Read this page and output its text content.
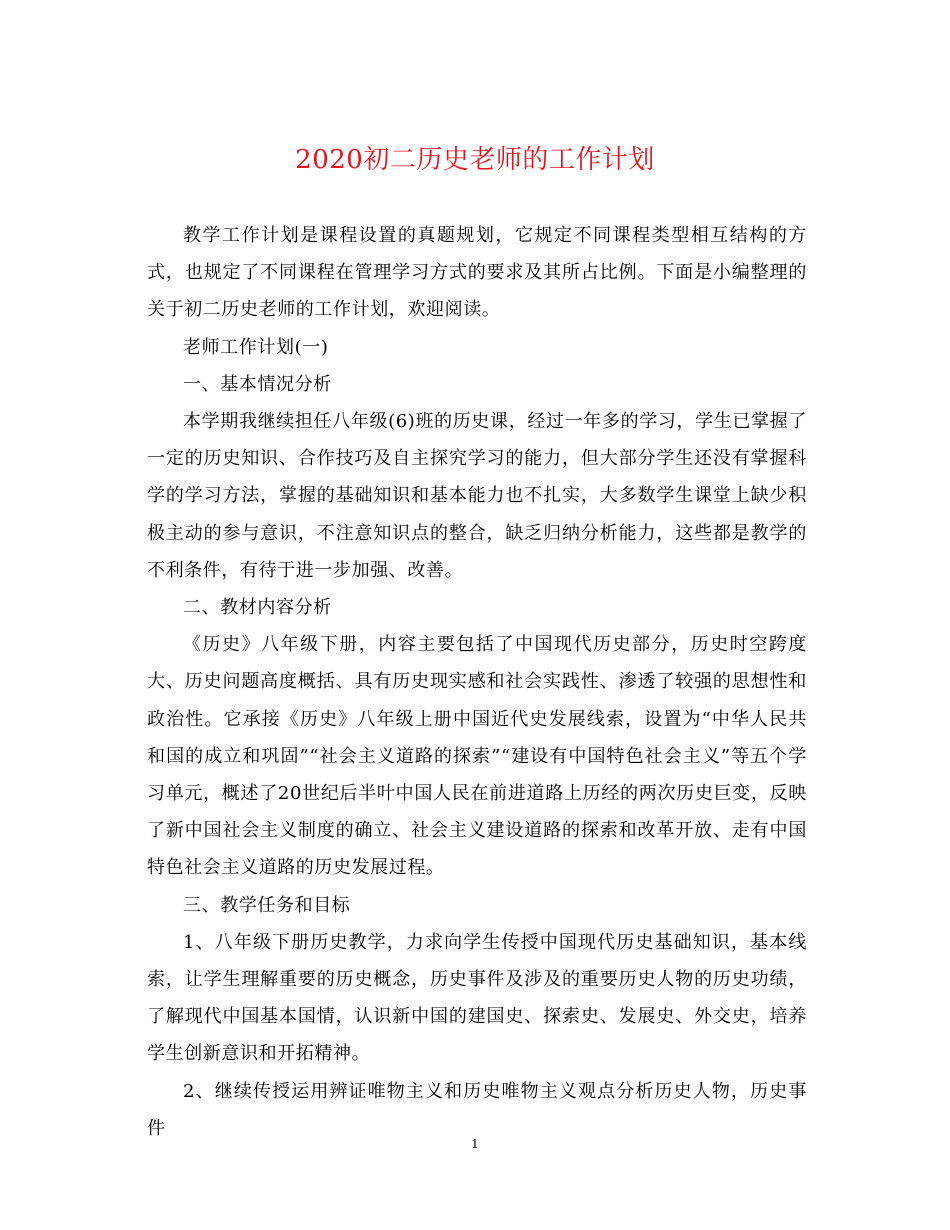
2020初二历史老师的工作计划

教学工作计划是课程设置的真题规划，它规定不同课程类型相互结构的方式，也规定了不同课程在管理学习方式的要求及其所占比例。下面是小编整理的关于初二历史老师的工作计划，欢迎阅读。

老师工作计划(一)

一、基本情况分析

本学期我继续担任八年级(6)班的历史课，经过一年多的学习，学生已掌握了一定的历史知识、合作技巧及自主探究学习的能力，但大部分学生还没有掌握科学的学习方法，掌握的基础知识和基本能力也不扎实，大多数学生课堂上缺少积极主动的参与意识，不注意知识点的整合，缺乏归纳分析能力，这些都是教学的不利条件，有待于进一步加强、改善。

二、教材内容分析

《历史》八年级下册，内容主要包括了中国现代历史部分，历史时空跨度大、历史问题高度概括、具有历史现实感和社会实践性、渗透了较强的思想性和政治性。它承接《历史》八年级上册中国近代史发展线索，设置为“中华人民共和国的成立和巩固”“社会主义道路的探索”“建设有中国特色社会主义”等五个学习单元，概述了20世纪后半叶中国人民在前进道路上历经的两次历史巨变，反映了新中国社会主义制度的确立、社会主义建设道路的探索和改革开放、走有中国特色社会主义道路的历史发展过程。

三、教学任务和目标

1、八年级下册历史教学，力求向学生传授中国现代历史基础知识，基本线索，让学生理解重要的历史概念，历史事件及涉及的重要历史人物的历史功绩，了解现代中国基本国情，认识新中国的建国史、探索史、发展史、外交史，培养学生创新意识和开拓精神。

2、继续传授运用辨证唯物主义和历史唯物主义观点分析历史人物，历史事件

1
